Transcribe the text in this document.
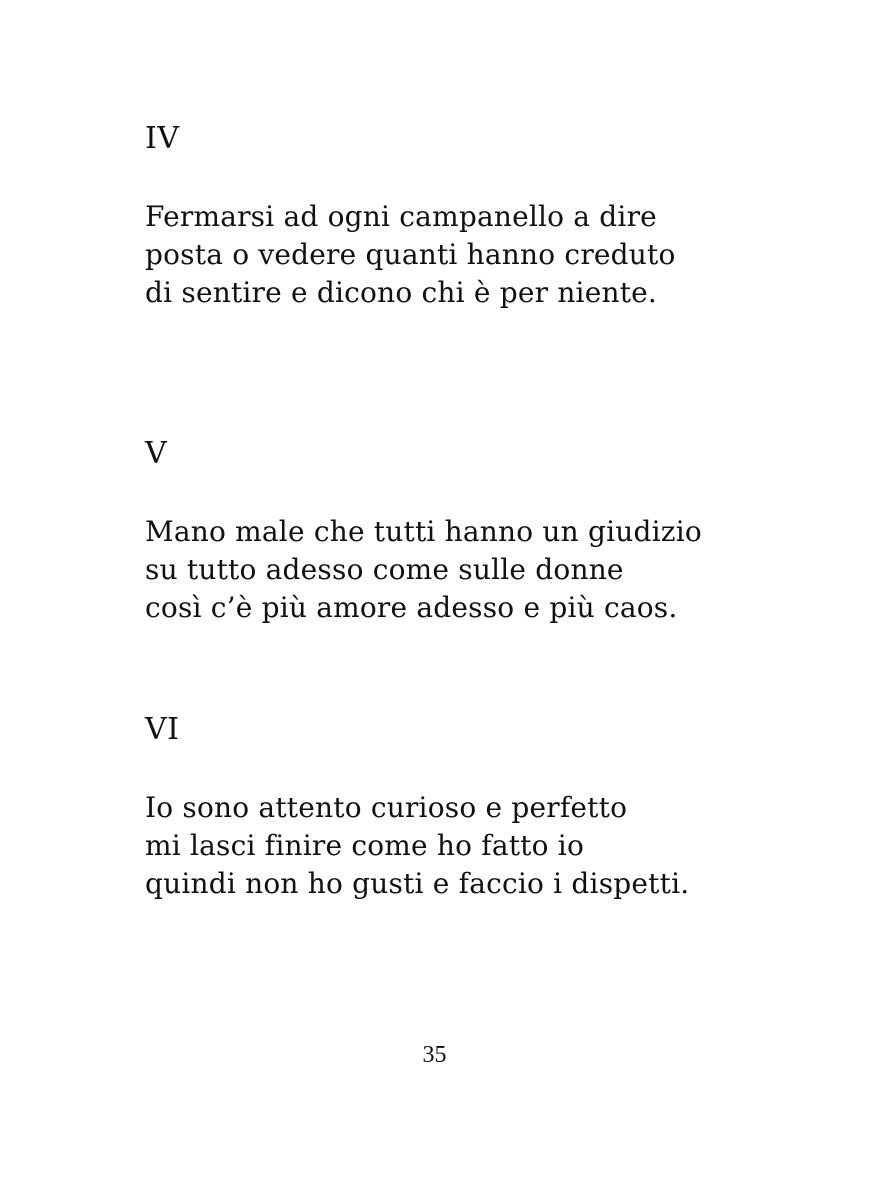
IV

Fermarsi ad ogni campanello a dire
posta o vedere quanti hanno creduto
di sentire e dicono chi è per niente.

V

Mano male che tutti hanno un giudizio
su tutto adesso come sulle donne
così c’è più amore adesso e più caos.

VI

Io sono attento curioso e perfetto
mi lasci finire come ho fatto io
quindi non ho gusti e faccio i dispetti.

35
